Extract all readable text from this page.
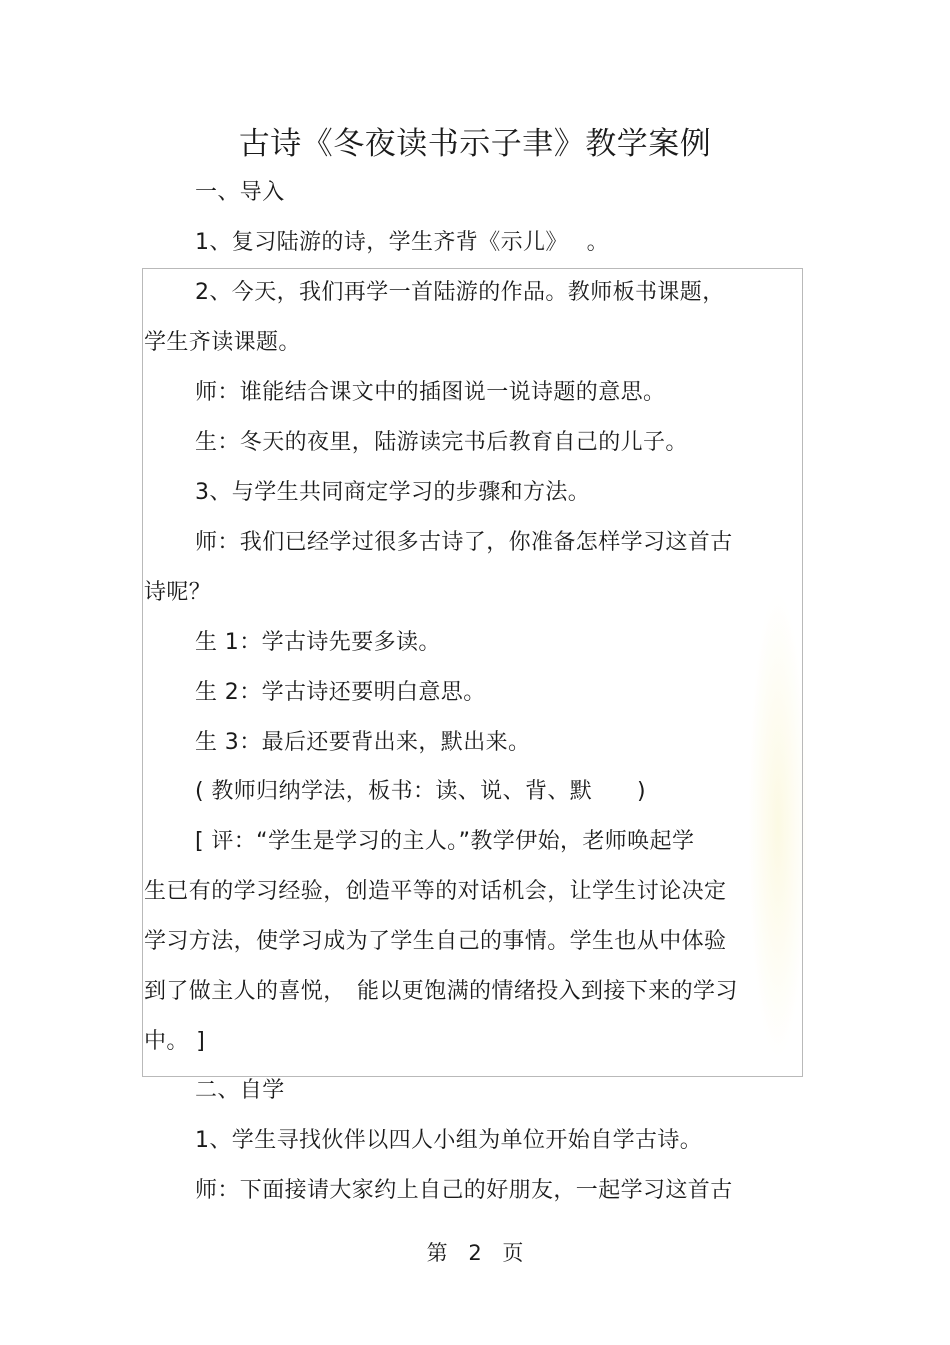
古诗《冬夜读书示子聿》教学案例
一、导入
1、复习陆游的诗，学生齐背《示儿》　 。
2、今天，我们再学一首陆游的作品。教师板书课题，
学生齐读课题。
师：谁能结合课文中的插图说一说诗题的意思。
生：冬天的夜里，陆游读完书后教育自己的儿子。
3、与学生共同商定学习的步骤和方法。
师：我们已经学过很多古诗了，你准备怎样学习这首古
诗呢？
生 1：学古诗先要多读。
生 2：学古诗还要明白意思。
生 3：最后还要背出来，默出来。
( 教师归纳学法，板书：读、说、背、默　　)
[ 评：“学生是学习的主人。”教学伊始，老师唤起学
生已有的学习经验，创造平等的对话机会，让学生讨论决定
学习方法，使学习成为了学生自己的事情。学生也从中体验
到了做主人的喜悦，　能以更饱满的情绪投入到接下来的学习
中。 ]
二、自学
1、学生寻找伙伴以四人小组为单位开始自学古诗。
师：下面接请大家约上自己的好朋友，一起学习这首古
第 2 页
